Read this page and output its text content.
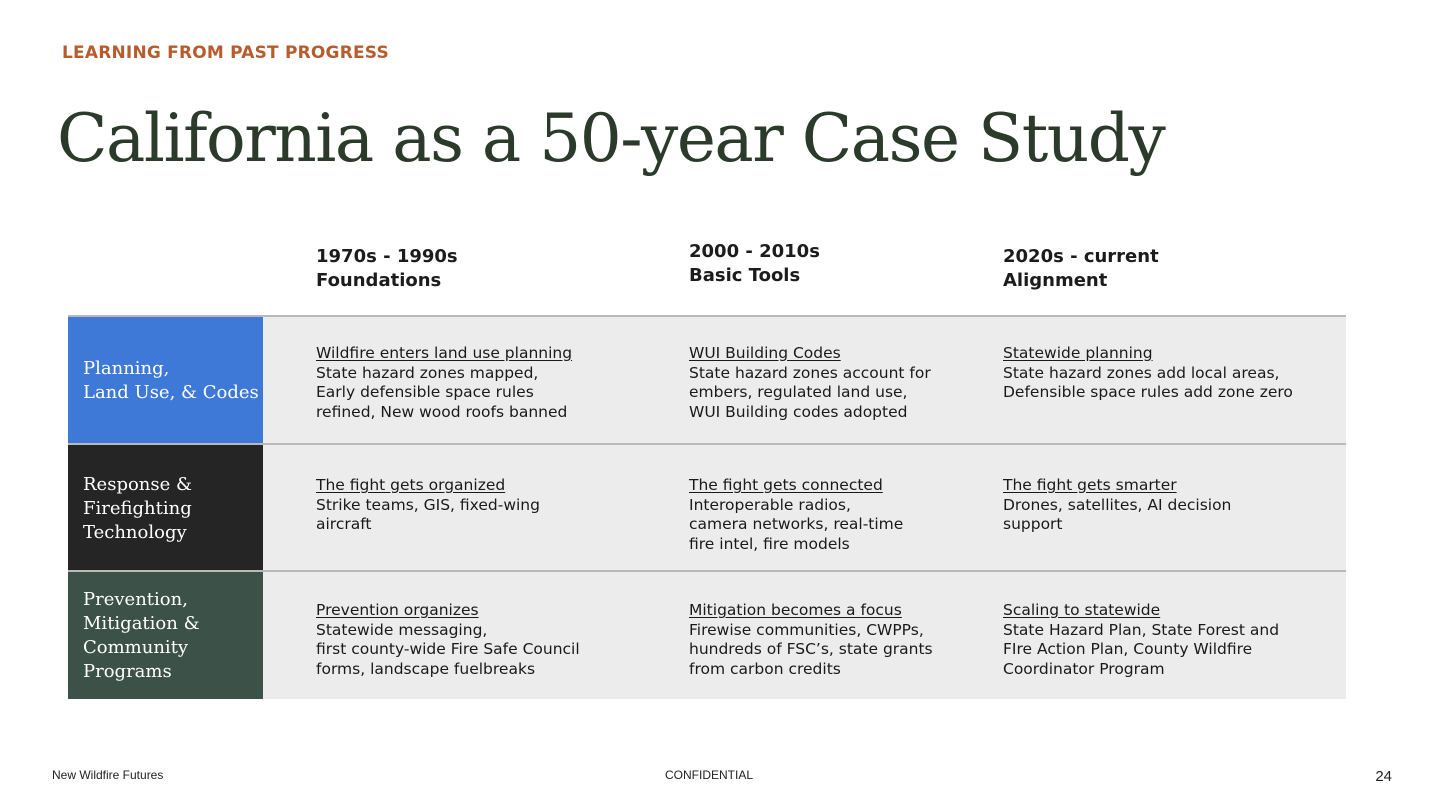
LEARNING FROM PAST PROGRESS
California as a 50-year Case Study
1970s - 1990s
Foundations
2000 - 2010s
Basic Tools
2020s - current
Alignment
Planning,
Land Use, & Codes
Wildfire enters land use planning
State hazard zones mapped,
Early defensible space rules
refined, New wood roofs banned
WUI Building Codes
State hazard zones account for
embers, regulated land use,
WUI Building codes adopted
Statewide planning
State hazard zones add local areas,
Defensible space rules add zone zero
Response &
Firefighting
Technology
The fight gets organized
Strike teams, GIS, fixed-wing
aircraft
The fight gets connected
Interoperable radios,
camera networks, real-time
fire intel, fire models
The fight gets smarter
Drones, satellites, AI decision
support
Prevention,
Mitigation &
Community
Programs
Prevention organizes
Statewide messaging,
first county-wide Fire Safe Council
forms, landscape fuelbreaks
Mitigation becomes a focus
Firewise communities, CWPPs,
hundreds of FSC’s, state grants
from carbon credits
Scaling to statewide
State Hazard Plan, State Forest and
FIre Action Plan, County Wildfire
Coordinator Program
New Wildfire Futures	CONFIDENTIAL	24
